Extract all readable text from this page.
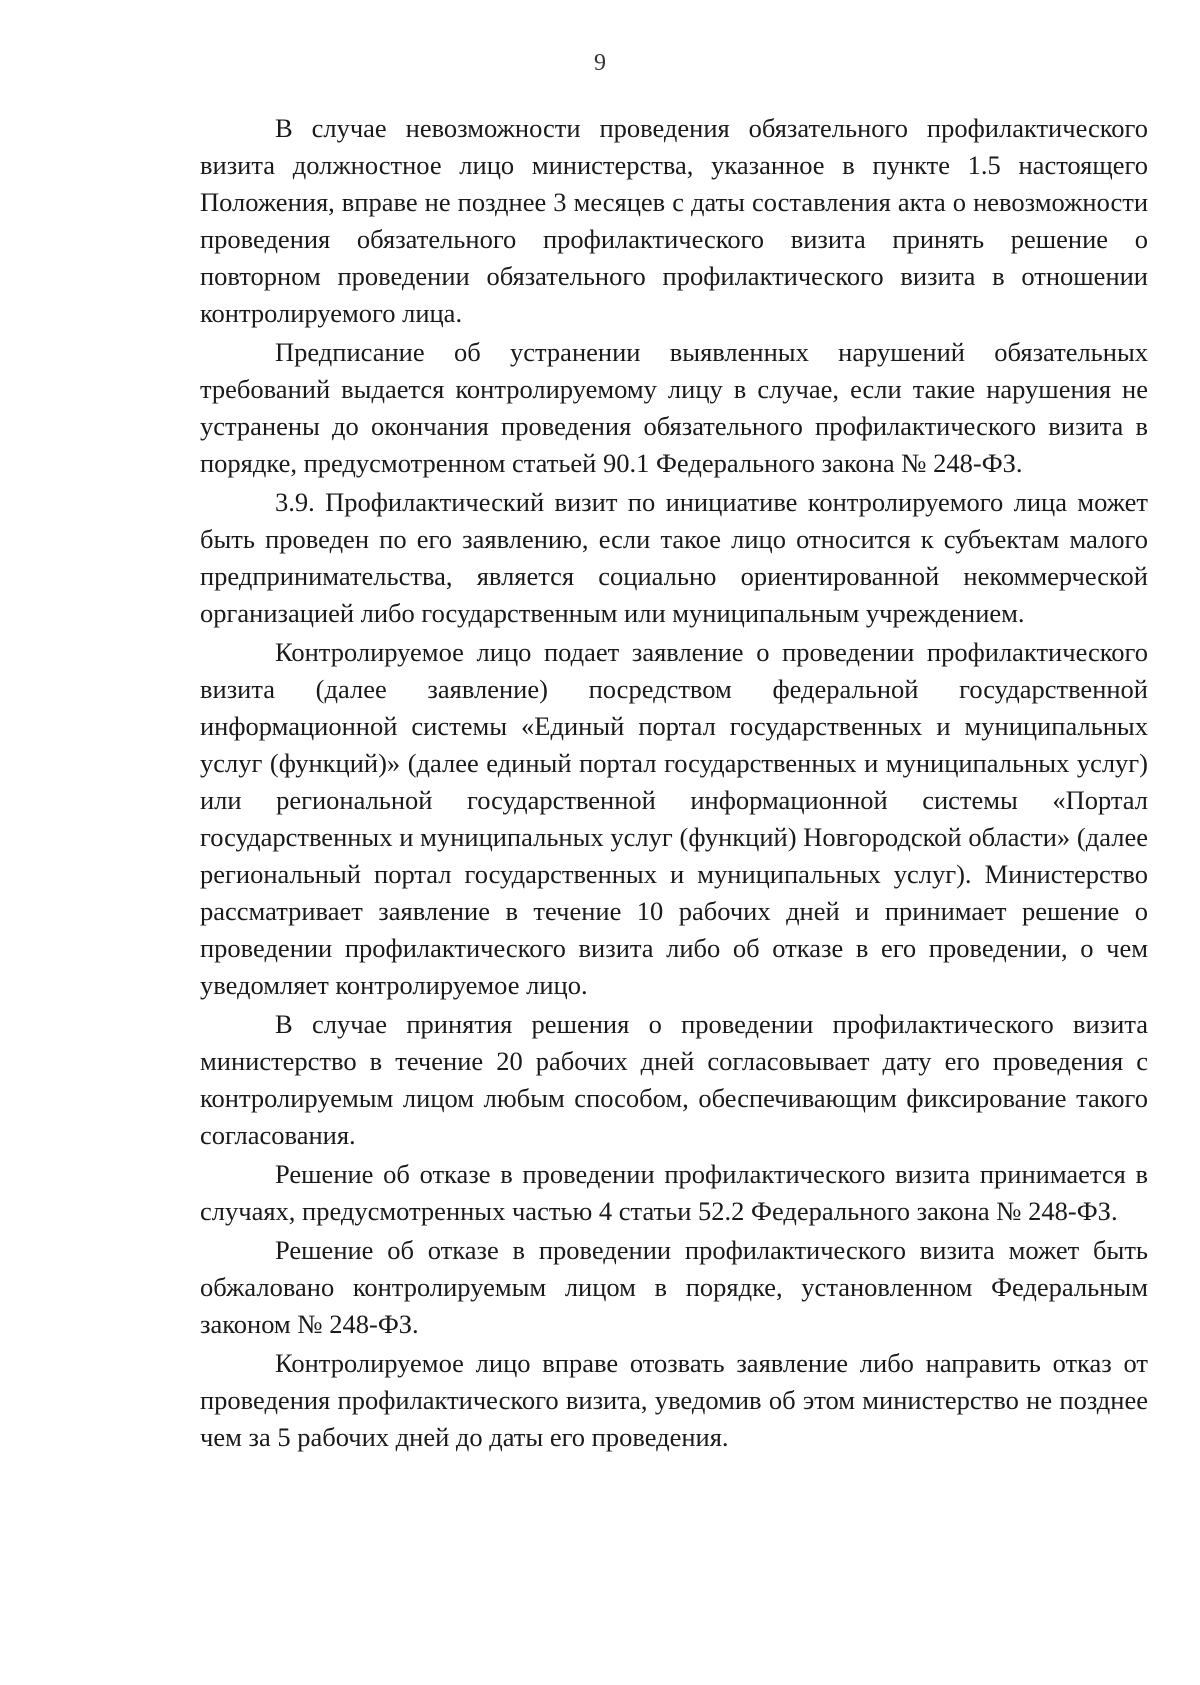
9

В случае невозможности проведения обязательного профилактического визита должностное лицо министерства, указанное в пункте 1.5 настоящего Положения, вправе не позднее 3 месяцев с даты составления акта о невозможности проведения обязательного профилактического визита принять решение о повторном проведении обязательного профилактического визита в отношении контролируемого лица.

Предписание об устранении выявленных нарушений обязательных требований выдается контролируемому лицу в случае, если такие нарушения не устранены до окончания проведения обязательного профилактического визита в порядке, предусмотренном статьей 90.1 Федерального закона № 248-ФЗ.

3.9. Профилактический визит по инициативе контролируемого лица может быть проведен по его заявлению, если такое лицо относится к субъектам малого предпринимательства, является социально ориентированной некоммерческой организацией либо государственным или муниципальным учреждением.

Контролируемое лицо подает заявление о проведении профилактического визита (далее заявление) посредством федеральной государственной информационной системы «Единый портал государственных и муниципальных услуг (функций)» (далее единый портал государственных и муниципальных услуг) или региональной государственной информационной системы «Портал государственных и муниципальных услуг (функций) Новгородской области» (далее региональный портал государственных и муниципальных услуг). Министерство рассматривает заявление в течение 10 рабочих дней и принимает решение о проведении профилактического визита либо об отказе в его проведении, о чем уведомляет контролируемое лицо.

В случае принятия решения о проведении профилактического визита министерство в течение 20 рабочих дней согласовывает дату его проведения с контролируемым лицом любым способом, обеспечивающим фиксирование такого согласования.

Решение об отказе в проведении профилактического визита принимается в случаях, предусмотренных частью 4 статьи 52.2 Федерального закона № 248-ФЗ.

Решение об отказе в проведении профилактического визита может быть обжаловано контролируемым лицом в порядке, установленном Федеральным законом № 248-ФЗ.

Контролируемое лицо вправе отозвать заявление либо направить отказ от проведения профилактического визита, уведомив об этом министерство не позднее чем за 5 рабочих дней до даты его проведения.
